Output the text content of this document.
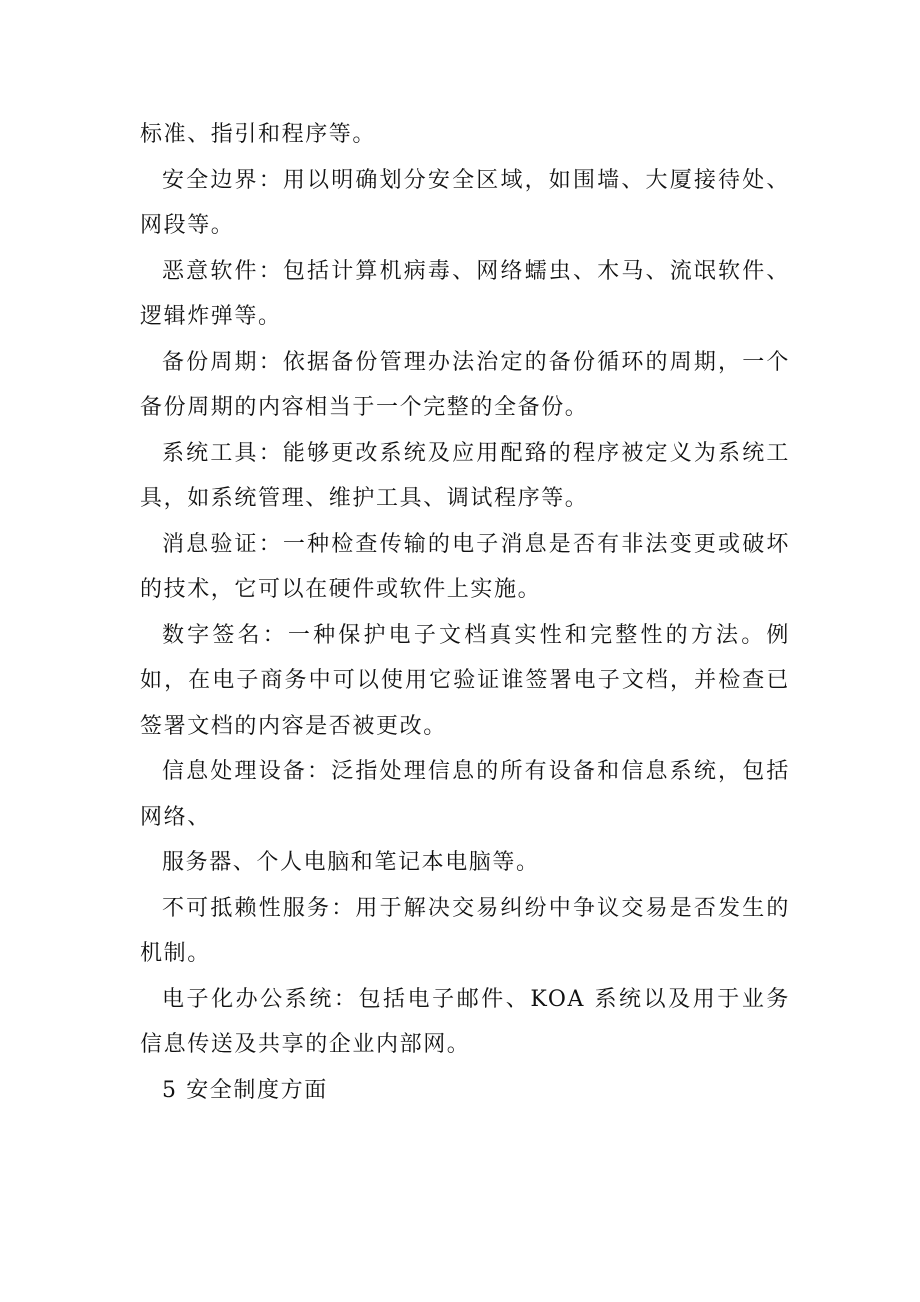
标准、指引和程序等。

安全边界：用以明确划分安全区域，如围墙、大厦接待处、网段等。

恶意软件：包括计算机病毒、网络蠕虫、木马、流氓软件、逻辑炸弹等。

备份周期：依据备份管理办法治定的备份循环的周期，一个备份周期的内容相当于一个完整的全备份。

系统工具：能够更改系统及应用配臵的程序被定义为系统工具，如系统管理、维护工具、调试程序等。

消息验证：一种检查传输的电子消息是否有非法变更或破坏的技术，它可以在硬件或软件上实施。

数字签名：一种保护电子文档真实性和完整性的方法。例如，在电子商务中可以使用它验证谁签署电子文档，并检查已签署文档的内容是否被更改。

信息处理设备：泛指处理信息的所有设备和信息系统，包括网络、

服务器、个人电脑和笔记本电脑等。

不可抵赖性服务：用于解决交易纠纷中争议交易是否发生的机制。

电子化办公系统：包括电子邮件、KOA 系统以及用于业务信息传送及共享的企业内部网。

5 安全制度方面
